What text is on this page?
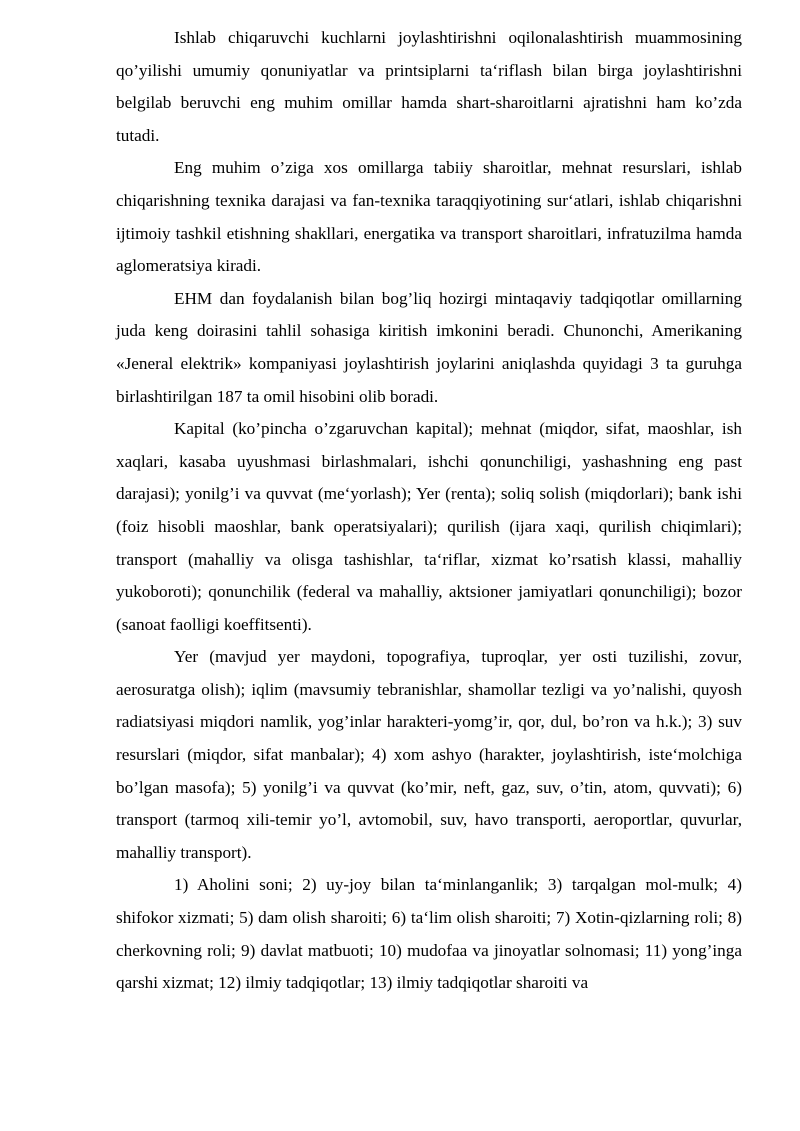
Ishlab chiqaruvchi kuchlarni joylashtirishni oqilonalashtirish muammosining qo’yilishi umumiy qonuniyatlar va printsiplarni ta‘riflash bilan birga joylashtirishni belgilab beruvchi eng muhim omillar hamda shart-sharoitlarni ajratishni ham ko’zda tutadi.

Eng muhim o’ziga xos omillarga tabiiy sharoitlar, mehnat resurslari, ishlab chiqarishning texnika darajasi va fan-texnika taraqqiyotining sur‘atlari, ishlab chiqarishni ijtimoiy tashkil etishning shakllari, energatika va transport sharoitlari, infratuzilma hamda aglomeratsiya kiradi.

EHM dan foydalanish bilan bog’liq hozirgi mintaqaviy tadqiqotlar omillarning juda keng doirasini tahlil sohasiga kiritish imkonini beradi. Chunonchi, Amerikaning «Jeneral elektrik» kompaniyasi joylashtirish joylarini aniqlashda quyidagi 3 ta guruhga birlashtirilgan 187 ta omil hisobini olib boradi.

Kapital (ko’pincha o’zgaruvchan kapital); mehnat (miqdor, sifat, maoshlar, ish xaqlari, kasaba uyushmasi birlashmalari, ishchi qonunchiligi, yashashning eng past darajasi); yonilg’i va quvvat (me‘yorlash); Yer (renta); soliq solish (miqdorlari); bank ishi (foiz hisobli maoshlar, bank operatsiyalari); qurilish (ijara xaqi, qurilish chiqimlari); transport (mahalliy va olisga tashishlar, ta‘riflar, xizmat ko’rsatish klassi, mahalliy yukoboroti); qonunchilik (federal va mahalliy, aktsioner jamiyatlari qonunchiligi); bozor (sanoat faolligi koeffitsenti).

Yer (mavjud yer maydoni, topografiya, tuproqlar, yer osti tuzilishi, zovur, aerosuratga olish); iqlim (mavsumiy tebranishlar, shamollar tezligi va yo’nalishi, quyosh radiatsiyasi miqdori namlik, yog’inlar harakteri-yomg’ir, qor, dul, bo’ron va h.k.); 3) suv resurslari (miqdor, sifat manbalar); 4) xom ashyo (harakter, joylashtirish, iste‘molchiga bo’lgan masofa); 5) yonilg’i va quvvat (ko’mir, neft, gaz, suv, o’tin, atom, quvvati); 6) transport (tarmoq xili-temir yo’l, avtomobil, suv, havo transporti, aeroportlar, quvurlar, mahalliy transport).

1) Aholini soni; 2) uy-joy bilan ta‘minlanganlik; 3) tarqalgan mol-mulk; 4) shifokor xizmati; 5) dam olish sharoiti; 6) ta‘lim olish sharoiti; 7) Xotin-qizlarning roli; 8) cherkovning roli; 9) davlat matbuoti; 10) mudofaa va jinoyatlar solnomasi; 11) yong’inga qarshi xizmat; 12) ilmiy tadqiqotlar; 13) ilmiy tadqiqotlar sharoiti va
